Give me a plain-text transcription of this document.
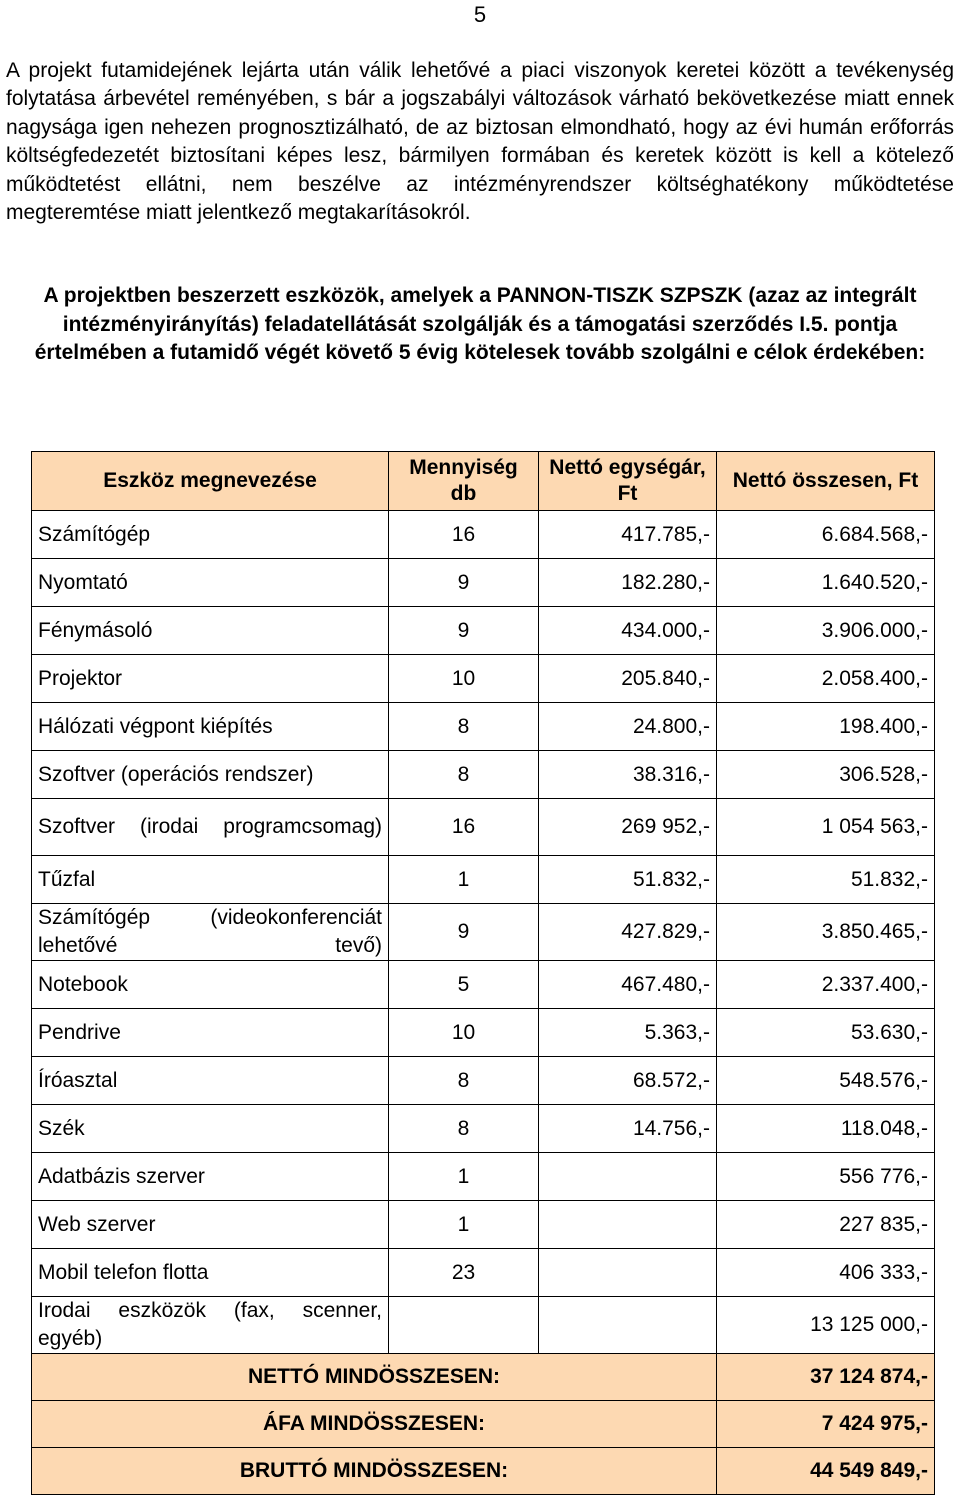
5

A projekt futamidejének lejárta után válik lehetővé a piaci viszonyok keretei között a tevékenység folytatása árbevétel reményében, s bár a jogszabályi változások várható bekövetkezése miatt ennek nagysága igen nehezen prognosztizálható, de az biztosan elmondható, hogy az évi humán erőforrás költségfedezetét biztosítani képes lesz, bármilyen formában és keretek között is kell a kötelező működtetést ellátni, nem beszélve az intézményrendszer költséghatékony működtetése megteremtése miatt jelentkező megtakarításokról.

A projektben beszerzett eszközök, amelyek a PANNON-TISZK SZPSZK (azaz az integrált intézményirányítás) feladatellátását szolgálják és a támogatási szerződés I.5. pontja értelmében a futamidő végét követő 5 évig kötelesek tovább szolgálni e célok érdekében:

Eszköz megnevezése	Mennyiség db	Nettó egységár, Ft	Nettó összesen, Ft
Számítógép	16	417.785,-	6.684.568,-
Nyomtató	9	182.280,-	1.640.520,-
Fénymásoló	9	434.000,-	3.906.000,-
Projektor	10	205.840,-	2.058.400,-
Hálózati végpont kiépítés	8	24.800,-	198.400,-
Szoftver (operációs rendszer)	8	38.316,-	306.528,-
Szoftver (irodai programcsomag)	16	269 952,-	1 054 563,-
Tűzfal	1	51.832,-	51.832,-
Számítógép (videokonferenciát lehetővé tevő)	9	427.829,-	3.850.465,-
Notebook	5	467.480,-	2.337.400,-
Pendrive	10	5.363,-	53.630,-
Íróasztal	8	68.572,-	548.576,-
Szék	8	14.756,-	118.048,-
Adatbázis szerver	1		556 776,-
Web szerver	1		227 835,-
Mobil telefon flotta	23		406 333,-
Irodai eszközök (fax, scenner, egyéb)			13 125 000,-
NETTÓ MINDÖSSZESEN:			37 124 874,-
ÁFA MINDÖSSZESEN:			7 424 975,-
BRUTTÓ MINDÖSSZESEN:			44 549 849,-
